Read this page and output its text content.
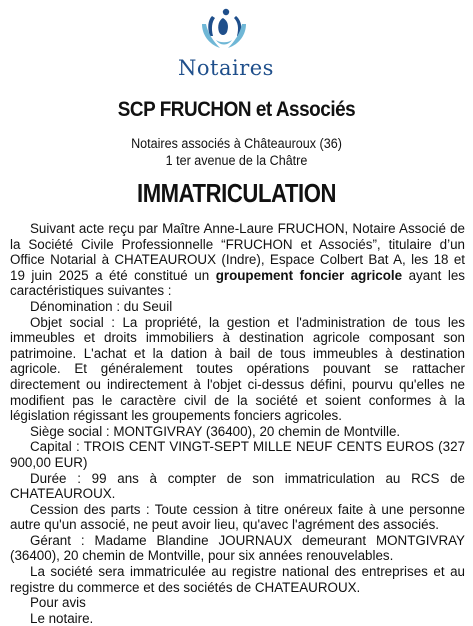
Notaires
SCP FRUCHON et Associés
Notaires associés à Châteauroux (36)
1 ter avenue de la Châtre
IMMATRICULATION

Suivant acte reçu par Maître Anne-Laure FRUCHON, Notaire Associé de la Société Civile Professionnelle “FRUCHON et Associés”, titulaire d’un Office Notarial à CHATEAUROUX (Indre), Espace Colbert Bat A, les 18 et 19 juin 2025 a été constitué un groupement foncier agricole ayant les caractéristiques suivantes :

Dénomination : du Seuil

Objet social : La propriété, la gestion et l'administration de tous les immeubles et droits immobiliers à destination agricole composant son patrimoine. L'achat et la dation à bail de tous immeubles à destination agricole. Et généralement toutes opérations pouvant se rattacher directement ou indirectement à l'objet ci-dessus défini, pourvu qu'elles ne modifient pas le caractère civil de la société et soient conformes à la législation régissant les groupements fonciers agricoles.

Siège social : MONTGIVRAY (36400), 20 chemin de Montville.

Capital : TROIS CENT VINGT-SEPT MILLE NEUF CENTS EUROS (327 900,00 EUR)

Durée : 99 ans à compter de son immatriculation au RCS de CHATEAUROUX.

Cession des parts : Toute cession à titre onéreux faite à une personne autre qu'un associé, ne peut avoir lieu, qu'avec l'agrément des associés.

Gérant : Madame Blandine JOURNAUX demeurant MONTGIVRAY (36400), 20 chemin de Montville, pour six années renouvelables.

La société sera immatriculée au registre national des entreprises et au registre du commerce et des sociétés de CHATEAUROUX.

Pour avis

Le notaire.
